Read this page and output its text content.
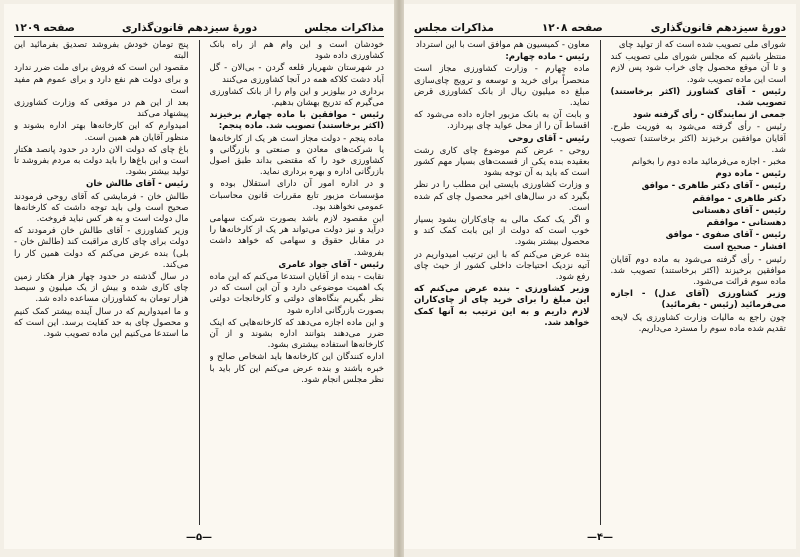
مذاکرات مجلس
دورهٔ سیزدهم قانون‌گذاری
صفحه ۱۲۰۹

خودشان است و این وام هم از راه بانک کشاورزی داده شود

در شهرستان شهریار قلعه گردن - بی‌الان - گل آباد دشت کلاکه همه در آنجا کشاورزی می‌کنند

برداری در بیلوزبر و این وام را از بانک کشاورزی می‌گیرم که تدریج بهشان بدهیم.

رئیس - موافقین با ماده چهارم برخیزند (اکثر برخاستند) تصویب شد. ماده پنجم:

ماده پنجم - دولت مجاز است هر یک از کارخانه‌ها یا شرکت‌های معادن و صنعتی و بازرگانی و کشاورزی خود را که مقتضی بداند طبق اصول بازرگانی اداره و بهره برداری نماید.

و در اداره امور آن دارای استقلال بوده و مؤسسات مزبور تابع مقررات قانون محاسبات عمومی نخواهند بود.

این مقصود لازم باشد بصورت شرکت سهامی درآید و نیز دولت می‌تواند هر یک از کارخانه‌ها را در مقابل حقوق و سهامی که خواهد داشت بفروشد.

رئیس - آقای جواد عامری

نقابت - بنده از آقایان استدعا می‌کنم که این ماده یک اهمیت موضوعی دارد و آن این است که در نظر بگیریم بنگاه‌های دولتی و کارخانجات دولتی بصورت بازرگانی اداره شود

و این ماده اجازه می‌دهد که کارخانه‌هایی که اینک ضرر می‌دهند بتوانند اداره بشوند و از آن کارخانه‌ها استفاده بیشتری بشود.

اداره کنندگان این کارخانه‌ها باید اشخاص صالح و خبره باشند و بنده عرض می‌کنم این کار باید با نظر مجلس انجام شود.

پنج تومان خودش بفروشد تصدیق بفرمائید این البته

مقصود این است که فروش برای ملت ضرر ندارد و برای دولت هم نفع دارد و برای عموم هم مفید است

بعد از این هم در موقعی که وزارت کشاورزی پیشنهاد می‌کند

امیدوارم که این کارخانه‌ها بهتر اداره بشوند و منظور آقایان هم همین است.

باغ چای که دولت الان دارد در حدود پانصد هکتار است و این باغ‌ها را باید دولت به مردم بفروشد تا تولید بیشتر بشود.

رئیس - آقای طالش خان

طالش خان - فرمایشی که آقای روحی فرمودند صحیح است ولی باید توجه داشت که کارخانه‌ها مال دولت است و به هر کس نباید فروخت.

وزیر کشاورزی - آقای طالش خان فرمودند که دولت برای چای کاری مراقبت کند (طالش خان - بلی) بنده عرض می‌کنم که دولت همین کار را می‌کند.

در سال گذشته در حدود چهار هزار هکتار زمین چای کاری شده و بیش از یک میلیون و سیصد هزار تومان به کشاورزان مساعده داده شد.

و ما امیدواریم که در سال آینده بیشتر کمک کنیم و محصول چای به حد کفایت برسد. این است که ما استدعا می‌کنیم این ماده تصویب شود.

—۵—
دورهٔ سیزدهم قانون‌گذاری
صفحه ۱۲۰۸
مذاکرات مجلس

شورای ملی تصویب شده است که از تولید چای

منتظر باشیم که مجلس شورای ملی تصویب کند و تا آن موقع محصول چای خراب شود پس لازم است این ماده تصویب شود.

رئیس - آقای کشاورز (اکثر برخاستند) تصویب شد.

جمعی از نمایندگان - رأی گرفته شود

رئیس - رأی گرفته می‌شود به فوریت طرح. آقایان موافقین برخیزند (اکثر برخاستند) تصویب شد.

مخبر - اجازه می‌فرمائید ماده دوم را بخوانم

رئیس - ماده دوم

رئیس - آقای دکتر طاهری - موافق

دکتر طاهری - موافقم

رئیس - آقای دهستانی

دهستانی - موافقم

رئیس - آقای صفوی - موافق

افشار - صحیح است

رئیس - رأی گرفته می‌شود به ماده دوم آقایان موافقین برخیزند (اکثر برخاستند) تصویب شد. ماده سوم قرائت می‌شود.

وزیر کشاورزی (آقای عدل) - اجازه می‌فرمائید (رئیس - بفرمائید)

چون راجع به مالیات وزارت کشاورزی یک لایحه تقدیم شده ماده سوم را مسترد می‌داریم.

معاون - کمیسیون هم موافق است با این استرداد

رئیس - ماده چهارم:

ماده چهارم - وزارت کشاورزی مجاز است منحصراً برای خرید و توسعه و ترویج چای‌سازی مبلغ ده میلیون ریال از بانک کشاورزی قرض نماید.

و بابت آن به بانک مزبور اجازه داده می‌شود که اقساط آن را از محل عواید چای بپردازد.

رئیس - آقای روحی

روحی - عرض کنم موضوع چای کاری رشت بعقیده بنده یکی از قسمت‌های بسیار مهم کشور است که باید به آن توجه بشود

و وزارت کشاورزی بایستی این مطلب را در نظر بگیرد که در سال‌های اخیر محصول چای کم شده است.

و اگر یک کمک مالی به چای‌کاران بشود بسیار خوب است که دولت از این بابت کمک کند و محصول بیشتر بشود.

بنده عرض می‌کنم که با این ترتیب امیدواریم در آتیه نزدیک احتیاجات داخلی کشور از حیث چای رفع شود.

وزیر کشاورزی - بنده عرض می‌کنم که این مبلغ را برای خرید چای از چای‌کاران لازم داریم و به این ترتیب به آنها کمک خواهد شد.

—۴—
